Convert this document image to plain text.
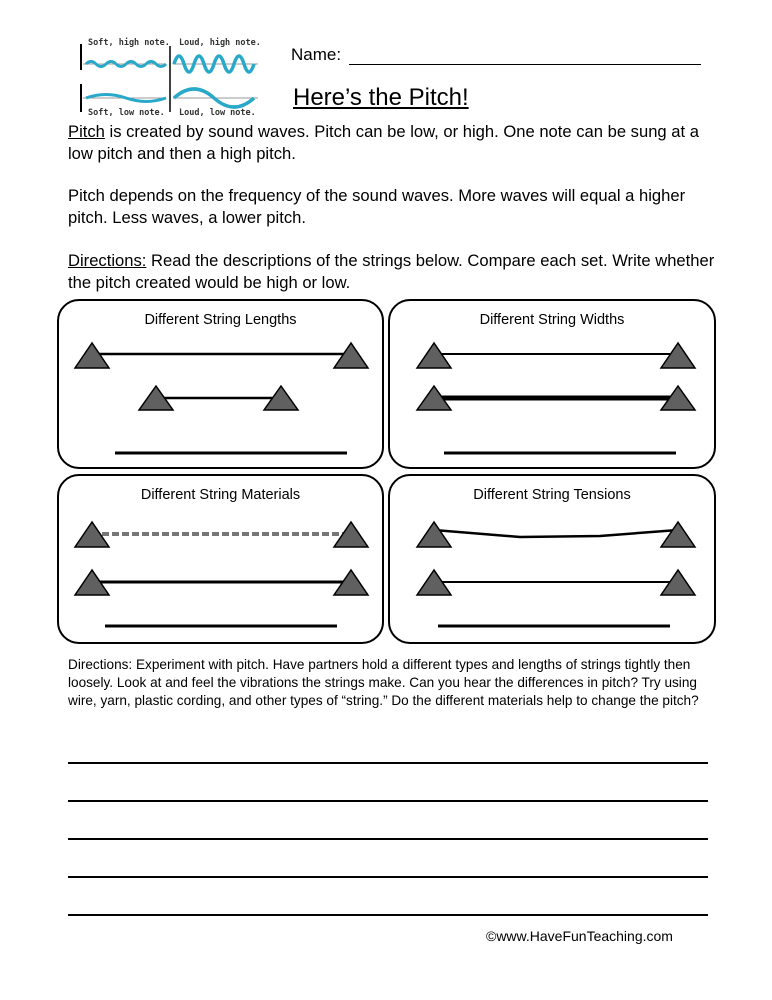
Soft, high note. Loud, high note.
Soft, low note. Loud, low note.
Name:
Here’s the Pitch!
Pitch is created by sound waves. Pitch can be low, or high. One note can be sung at a low pitch and then a high pitch.
Pitch depends on the frequency of the sound waves. More waves will equal a higher pitch. Less waves, a lower pitch.
Directions: Read the descriptions of the strings below. Compare each set. Write whether the pitch created would be high or low.
Different String Lengths	Different String Widths
Different String Materials	Different String Tensions
Directions: Experiment with pitch. Have partners hold a different types and lengths of strings tightly then loosely. Look at and feel the vibrations the strings make. Can you hear the differences in pitch? Try using wire, yarn, plastic cording, and other types of “string.” Do the different materials help to change the pitch?
©www.HaveFunTeaching.com
